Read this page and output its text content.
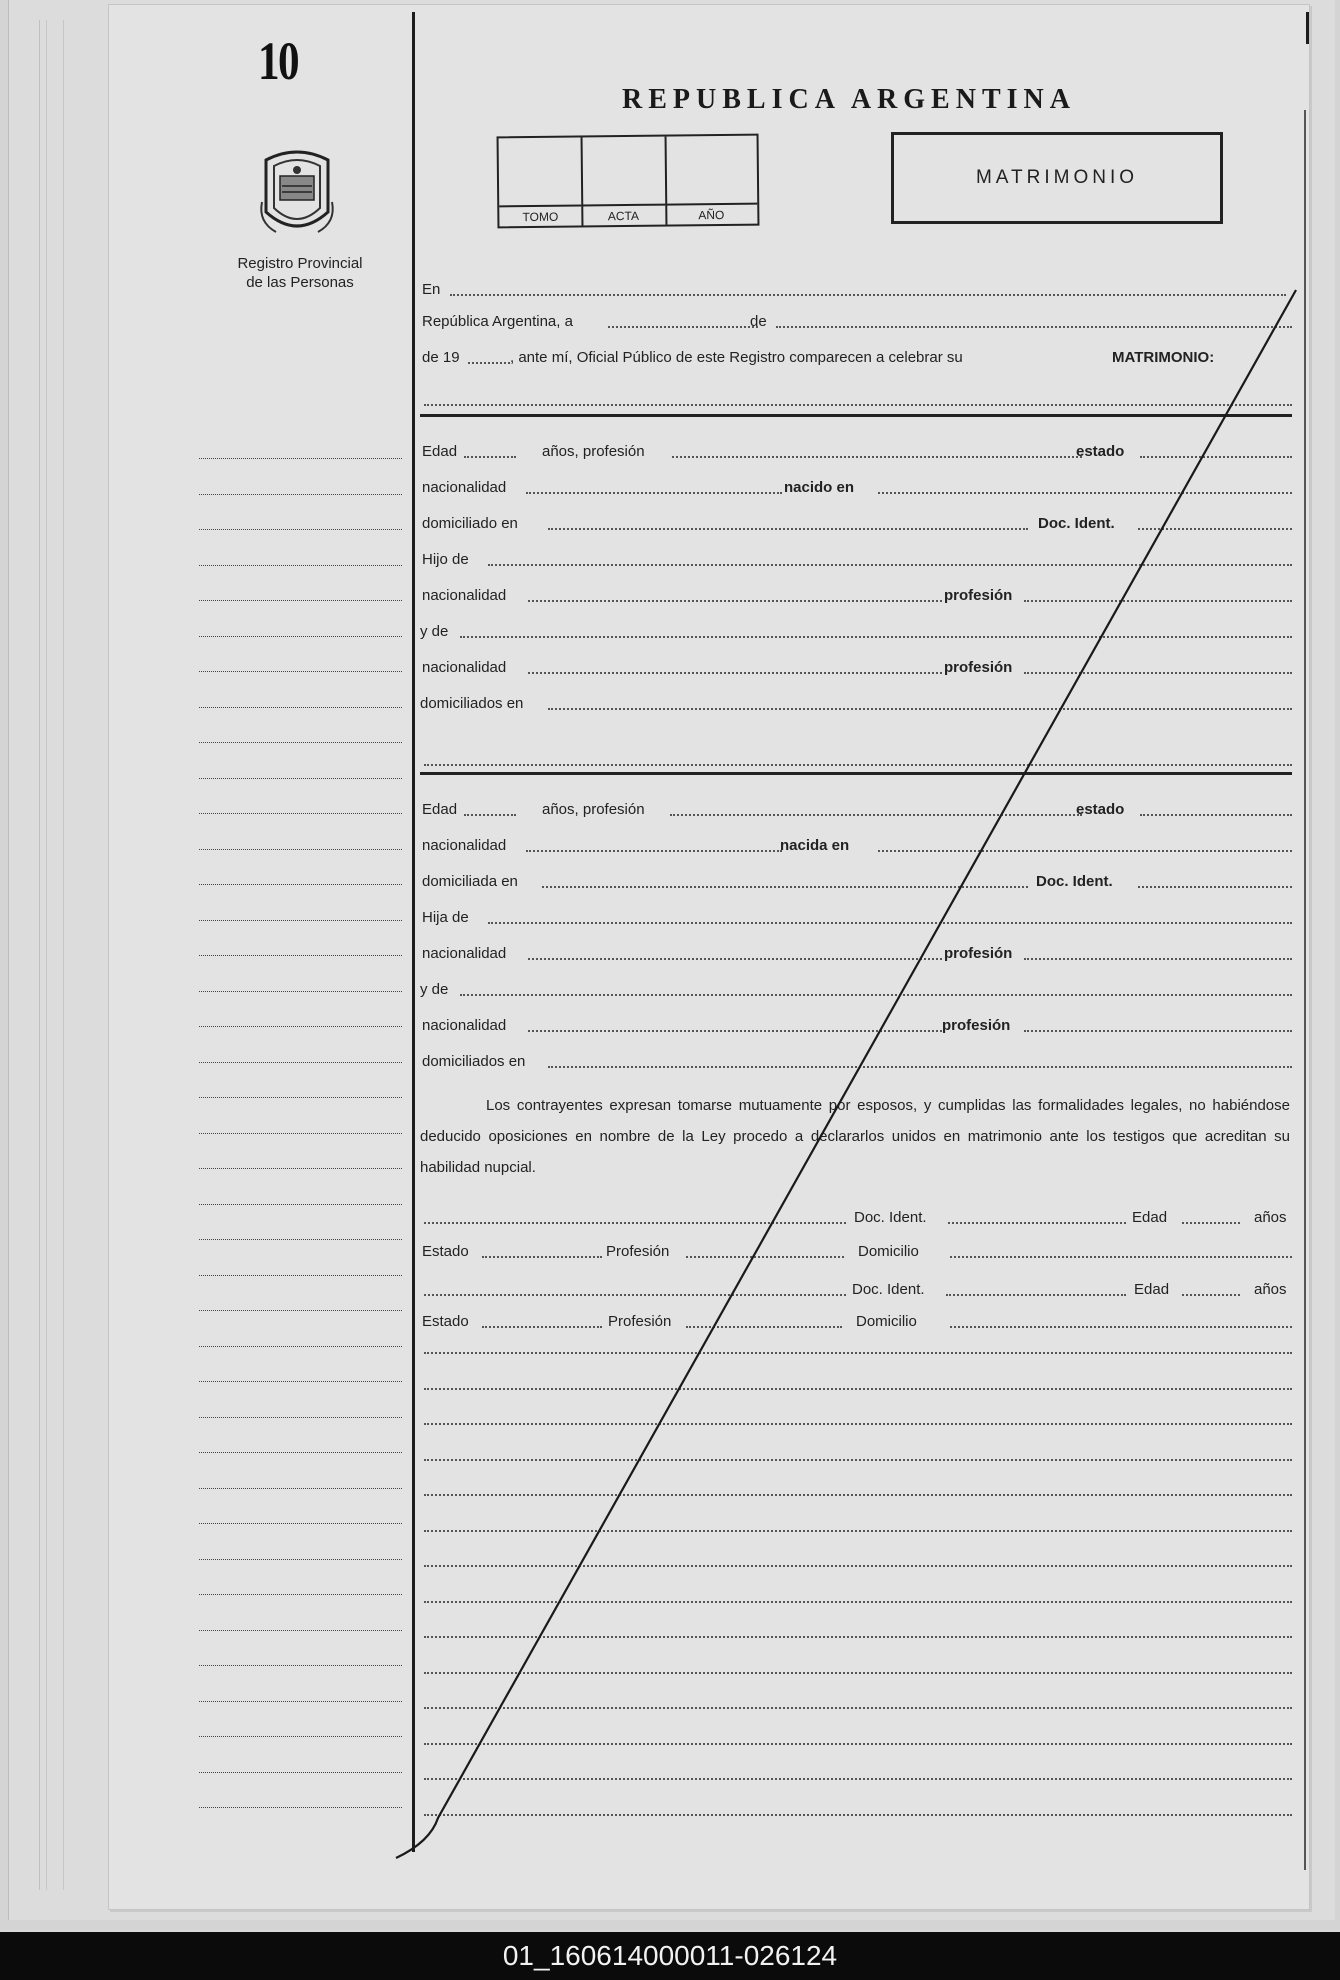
10
Registro Provincial
de las Personas
REPUBLICA ARGENTINA
TOMO	ACTA	AÑO
MATRIMONIO
En
República Argentina, a	de
de 19	, ante mí, Oficial Público de este Registro comparecen a celebrar su	MATRIMONIO:
Edad	años, profesión	estado
nacionalidad	nacido en
domiciliado en	Doc. Ident.
Hijo de
nacionalidad	profesión
y de
nacionalidad	profesión
domiciliados en
Edad	años, profesión	estado
nacionalidad	nacida en
domiciliada en	Doc. Ident.
Hija de
nacionalidad	profesión
y de
nacionalidad	profesión
domiciliados en
Los contrayentes expresan tomarse mutuamente por esposos, y cumplidas las formalidades legales, no habiéndose deducido oposiciones en nombre de la Ley procedo a declararlos unidos en matrimonio ante los testigos que acreditan su habilidad nupcial.
Doc. Ident.	Edad	años
Estado	Profesión	Domicilio
Doc. Ident.	Edad	años
Estado	Profesión	Domicilio
01_160614000011-026124
